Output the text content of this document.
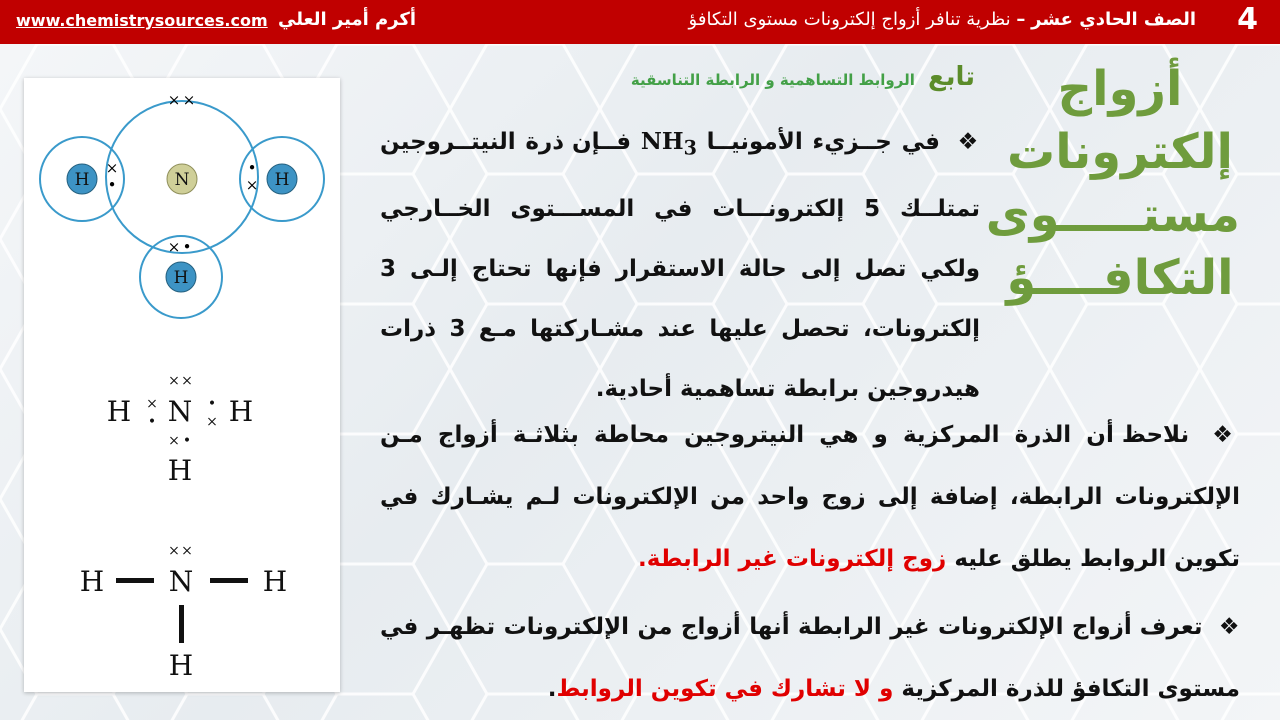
4
الصف الحادي عشر – نظرية تنافر أزواج إلكترونات مستوى التكافؤ
أكرم أمير العلي
www.chemistrysources.com
أزواج
إلكترونات
مستـــــوى
التكافــــؤ
تابع الروابط التساهمية و الرابطة التناسقية
❖ في جــزيء الأمونيــا $NH_3$ فــإن ذرة النيتــروجين تمتلــك 5 إلكترونـــات في المســـتوى الخــارجي ولكي تصل إلى حالة الاستقرار فإنها تحتاج إلـى 3 إلكترونات، تحصل عليها عند مشـاركتها مـع 3 ذرات هيدروجين برابطة تساهمية أحادية.
❖ نلاحظ أن الذرة المركزية و هي النيتروجين محاطة بثلاثـة أزواج مـن الإلكترونات الرابطة، إضافة إلى زوج واحد من الإلكترونات لـم يشـارك في تكوين الروابط يطلق عليه زوج إلكترونات غير الرابطة.
❖ تعرف أزواج الإلكترونات غير الرابطة أنها أزواج من الإلكترونات تظهـر في مستوى التكافؤ للذرة المركزية و لا تشارك في تكوين الروابط.
H	H
H
N
× ×
×
•
•
×
× •
H N H
H
× ×
×
•
•
×
× •
× ×
H N H
H
